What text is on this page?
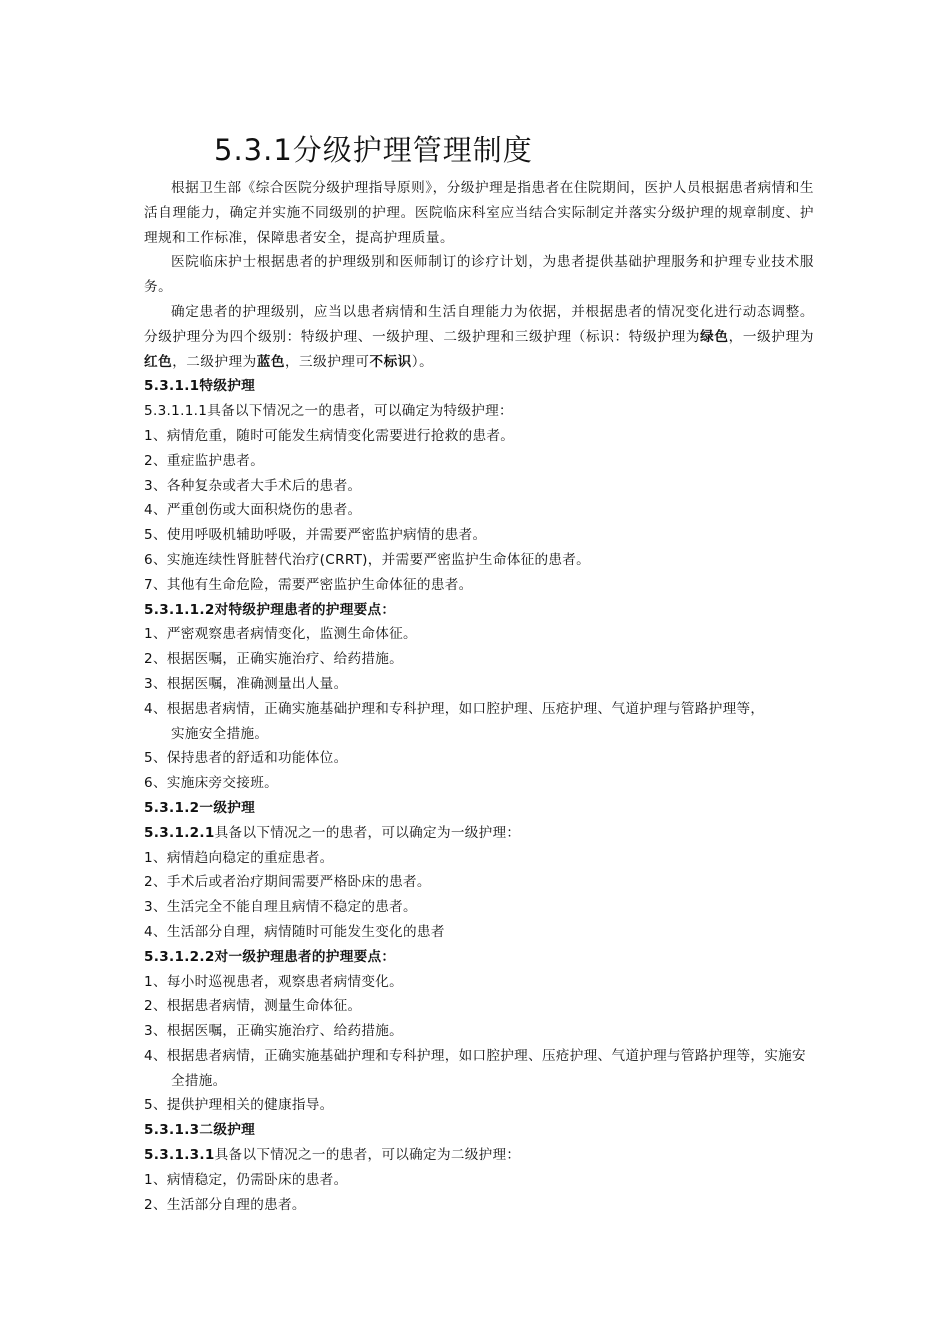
5.3.1分级护理管理制度

根据卫生部《综合医院分级护理指导原则》，分级护理是指患者在住院期间，医护人员根据患者病情和生活自理能力，确定并实施不同级别的护理。医院临床科室应当结合实际制定并落实分级护理的规章制度、护理规和工作标准，保障患者安全，提高护理质量。

医院临床护士根据患者的护理级别和医师制订的诊疗计划，为患者提供基础护理服务和护理专业技术服务。

确定患者的护理级别，应当以患者病情和生活自理能力为依据，并根据患者的情况变化进行动态调整。分级护理分为四个级别：特级护理、一级护理、二级护理和三级护理（标识：特级护理为绿色，一级护理为红色，二级护理为蓝色，三级护理可不标识）。

5.3.1.1特级护理

5.3.1.1.1具备以下情况之一的患者，可以确定为特级护理：

1、病情危重，随时可能发生病情变化需要进行抢救的患者。

2、重症监护患者。

3、各种复杂或者大手术后的患者。

4、严重创伤或大面积烧伤的患者。

5、使用呼吸机辅助呼吸，并需要严密监护病情的患者。

6、实施连续性肾脏替代治疗(CRRT)，并需要严密监护生命体征的患者。

7、其他有生命危险，需要严密监护生命体征的患者。

5.3.1.1.2对特级护理患者的护理要点：

1、严密观察患者病情变化，监测生命体征。

2、根据医嘱，正确实施治疗、给药措施。

3、根据医嘱，准确测量出人量。

4、根据患者病情，正确实施基础护理和专科护理，如口腔护理、压疮护理、气道护理与管路护理等，实施安全措施。

5、保持患者的舒适和功能体位。

6、实施床旁交接班。

5.3.1.2一级护理

5.3.1.2.1具备以下情况之一的患者，可以确定为一级护理：

1、病情趋向稳定的重症患者。

2、手术后或者治疗期间需要严格卧床的患者。

3、生活完全不能自理且病情不稳定的患者。

4、生活部分自理，病情随时可能发生变化的患者

5.3.1.2.2对一级护理患者的护理要点：

1、每小时巡视患者，观察患者病情变化。

2、根据患者病情，测量生命体征。

3、根据医嘱，正确实施治疗、给药措施。

4、根据患者病情，正确实施基础护理和专科护理，如口腔护理、压疮护理、气道护理与管路护理等，实施安全措施。

5、提供护理相关的健康指导。

5.3.1.3二级护理

5.3.1.3.1具备以下情况之一的患者，可以确定为二级护理：

1、病情稳定，仍需卧床的患者。

2、生活部分自理的患者。
